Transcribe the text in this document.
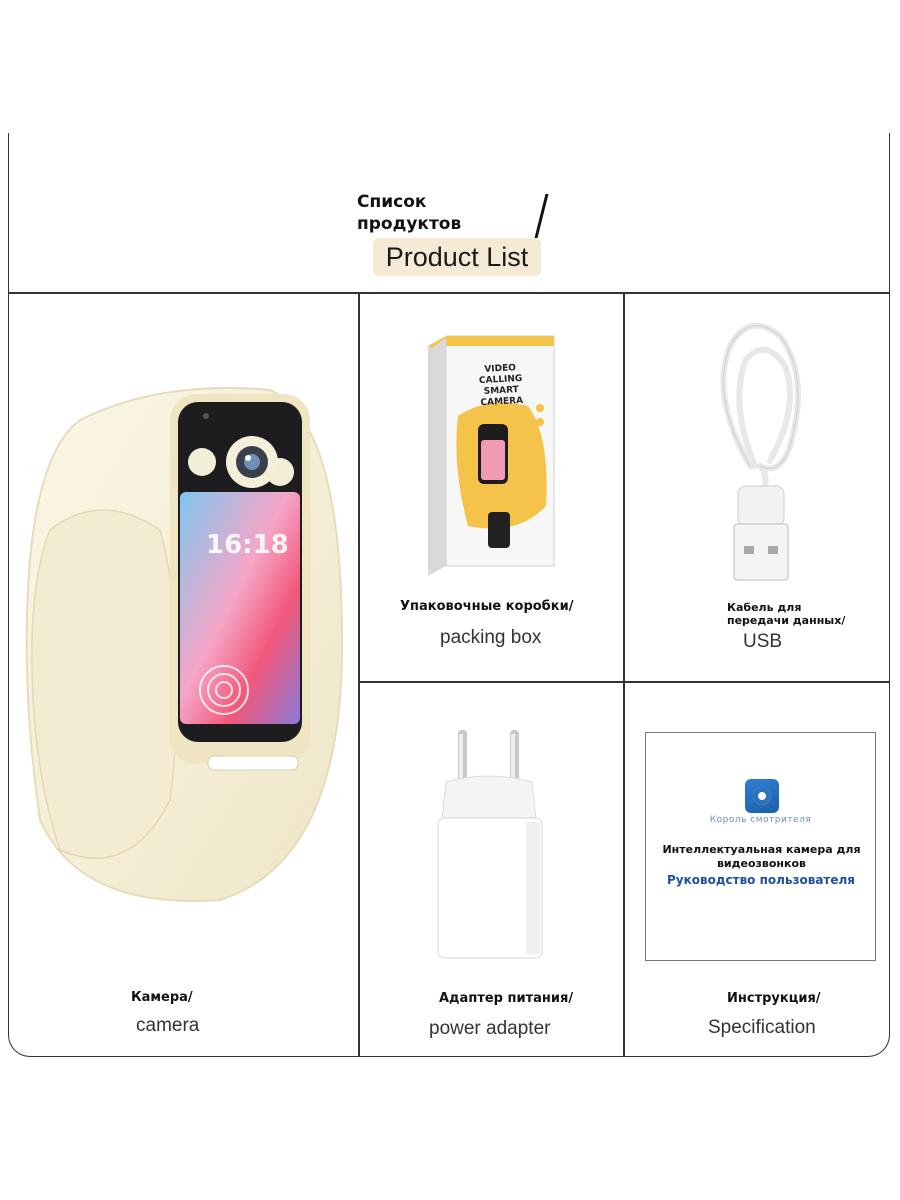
Список продуктов
Product List
16:18
VIDEO CALLING SMART CAMERA
Король смотрителя
Интеллектуальная камера для видеозвонков
Руководство пользователя
Камера/
camera
Упаковочные коробки/
packing box
Кабель для передачи данных/
USB
Адаптер питания/
power adapter
Инструкция/
Specification
